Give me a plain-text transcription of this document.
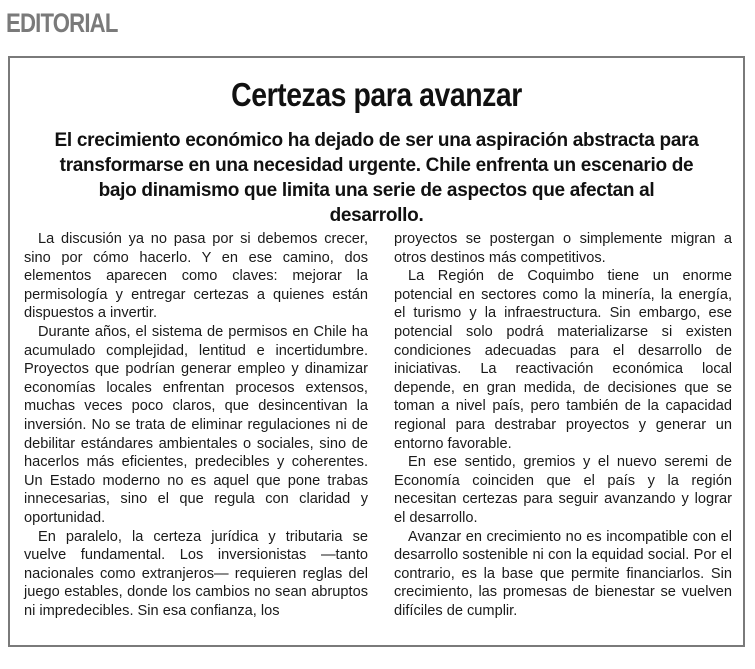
EDITORIAL
Certezas para avanzar

El crecimiento económico ha dejado de ser una aspiración abstracta para transformarse en una necesidad urgente. Chile enfrenta un escenario de bajo dinamismo que limita una serie de aspectos que afectan al desarrollo.

La discusión ya no pasa por si debemos crecer, sino por cómo hacerlo. Y en ese camino, dos elementos aparecen como claves: mejorar la permisología y entregar certezas a quienes están dispuestos a invertir.

Durante años, el sistema de permisos en Chile ha acumulado complejidad, lentitud e incertidumbre. Proyectos que podrían generar empleo y dinamizar economías locales enfrentan procesos extensos, muchas veces poco claros, que desincentivan la inversión. No se trata de eliminar regulaciones ni de debilitar estándares ambientales o sociales, sino de hacerlos más eficientes, predecibles y coherentes. Un Estado moderno no es aquel que pone trabas innecesarias, sino el que regula con claridad y oportunidad.

En paralelo, la certeza jurídica y tributaria se vuelve fundamental. Los inversionistas —tanto nacionales como extranjeros— requieren reglas del juego estables, donde los cambios no sean abruptos ni impredecibles. Sin esa confianza, los

proyectos se postergan o simplemente migran a otros destinos más competitivos.

La Región de Coquimbo tiene un enorme potencial en sectores como la minería, la energía, el turismo y la infraestructura. Sin embargo, ese potencial solo podrá materializarse si existen condiciones adecuadas para el desarrollo de iniciativas. La reactivación económica local depende, en gran medida, de decisiones que se toman a nivel país, pero también de la capacidad regional para destrabar proyectos y generar un entorno favorable.

En ese sentido, gremios y el nuevo seremi de Economía coinciden que el país y la región necesitan certezas para seguir avanzando y lograr el desarrollo.

Avanzar en crecimiento no es incompatible con el desarrollo sostenible ni con la equidad social. Por el contrario, es la base que permite financiarlos. Sin crecimiento, las promesas de bienestar se vuelven difíciles de cumplir.
